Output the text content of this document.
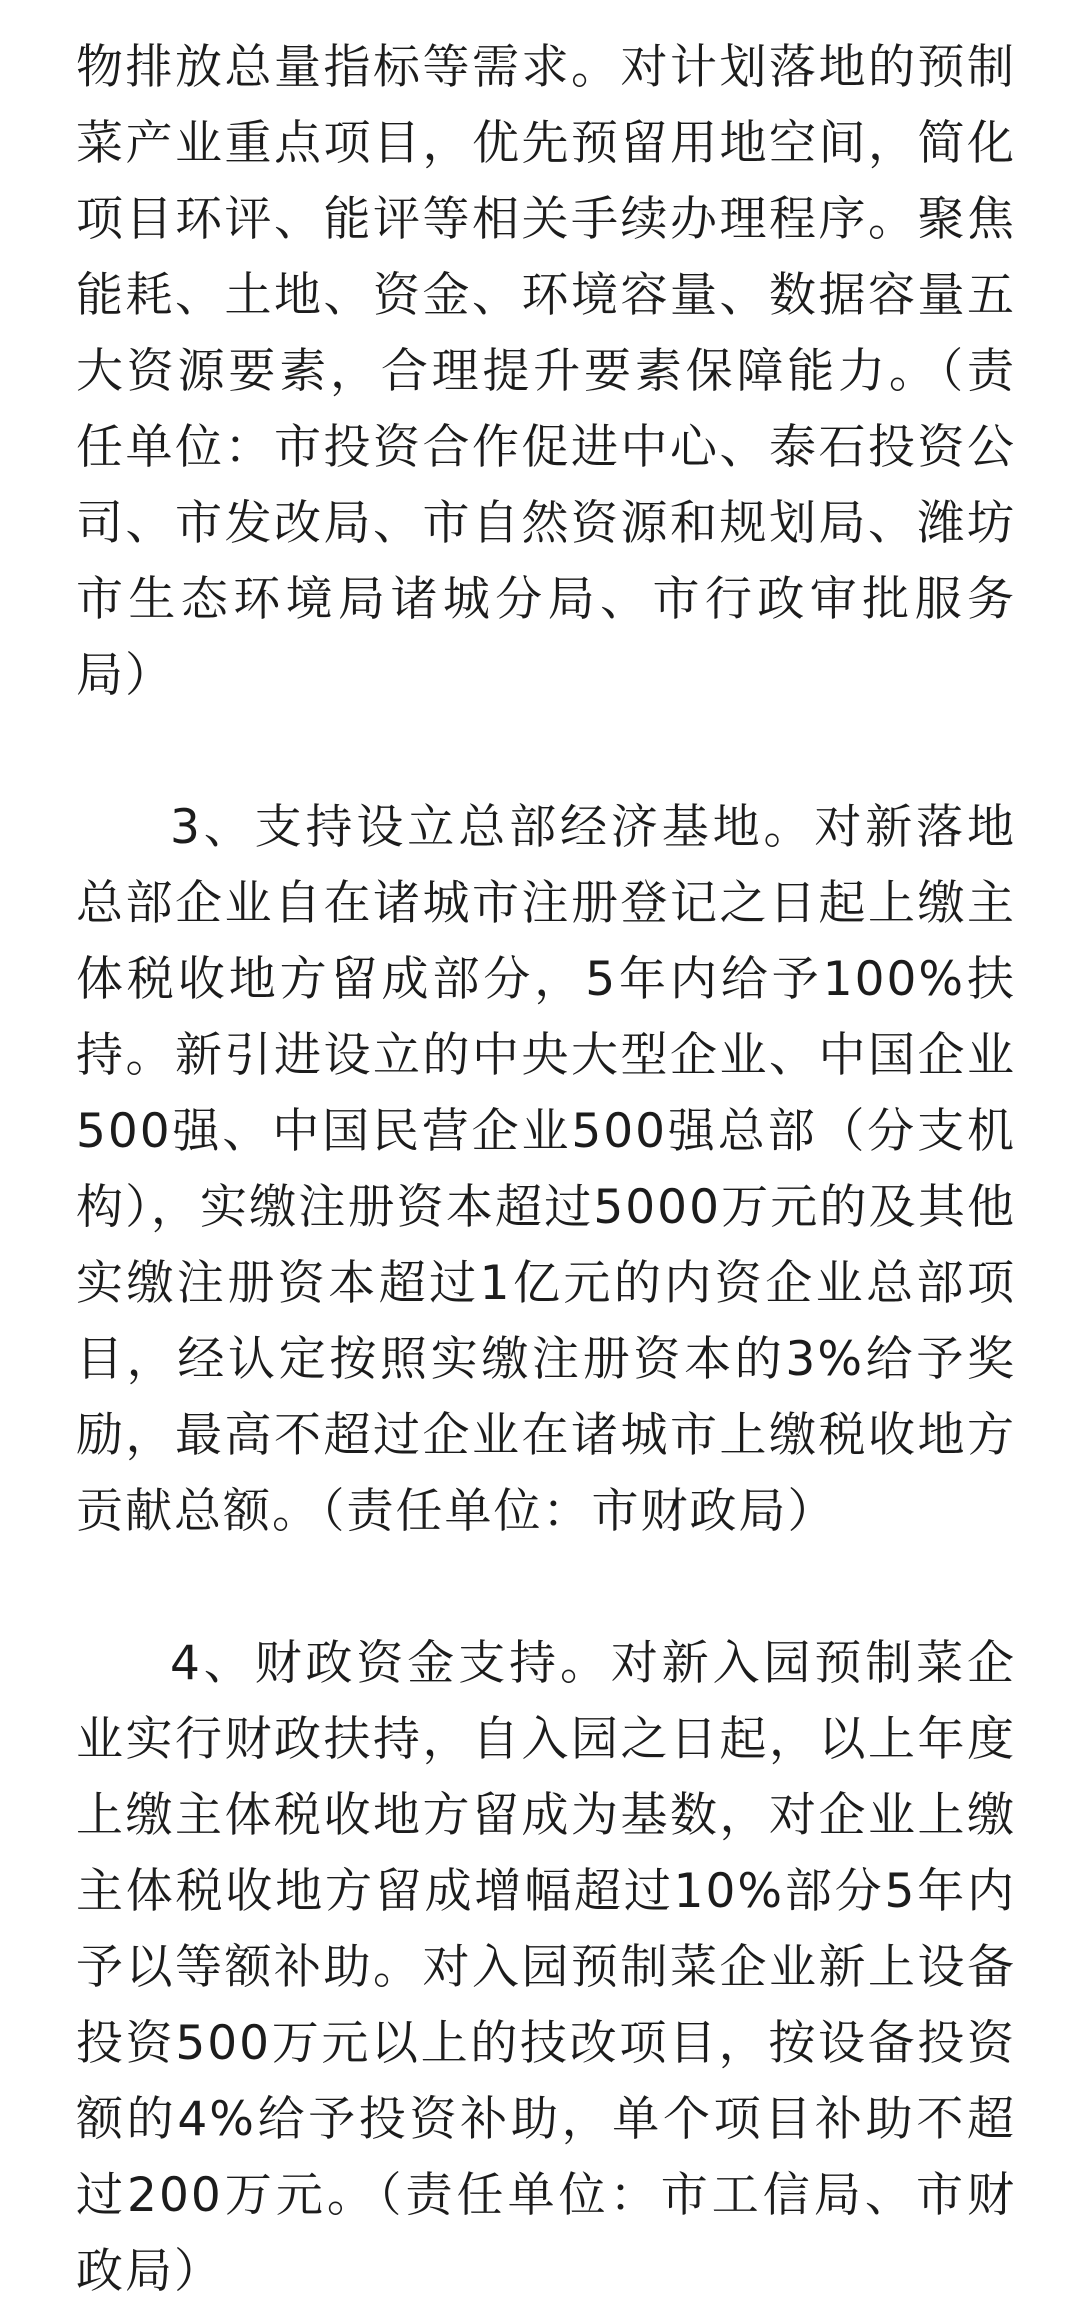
物排放总量指标等需求。对计划落地的预制菜产业重点项目，优先预留用地空间，简化项目环评、能评等相关手续办理程序。聚焦能耗、土地、资金、环境容量、数据容量五大资源要素，合理提升要素保障能力。（责任单位：市投资合作促进中心、泰石投资公司、市发改局、市自然资源和规划局、潍坊市生态环境局诸城分局、市行政审批服务局）

3、支持设立总部经济基地。对新落地总部企业自在诸城市注册登记之日起上缴主体税收地方留成部分，5年内给予100%扶持。新引进设立的中央大型企业、中国企业500强、中国民营企业500强总部（分支机构），实缴注册资本超过5000万元的及其他实缴注册资本超过1亿元的内资企业总部项目，经认定按照实缴注册资本的3%给予奖励，最高不超过企业在诸城市上缴税收地方贡献总额。（责任单位：市财政局）

4、财政资金支持。对新入园预制菜企业实行财政扶持，自入园之日起，以上年度上缴主体税收地方留成为基数，对企业上缴主体税收地方留成增幅超过10%部分5年内予以等额补助。对入园预制菜企业新上设备投资500万元以上的技改项目，按设备投资额的4%给予投资补助，单个项目补助不超过200万元。（责任单位：市工信局、市财政局）
